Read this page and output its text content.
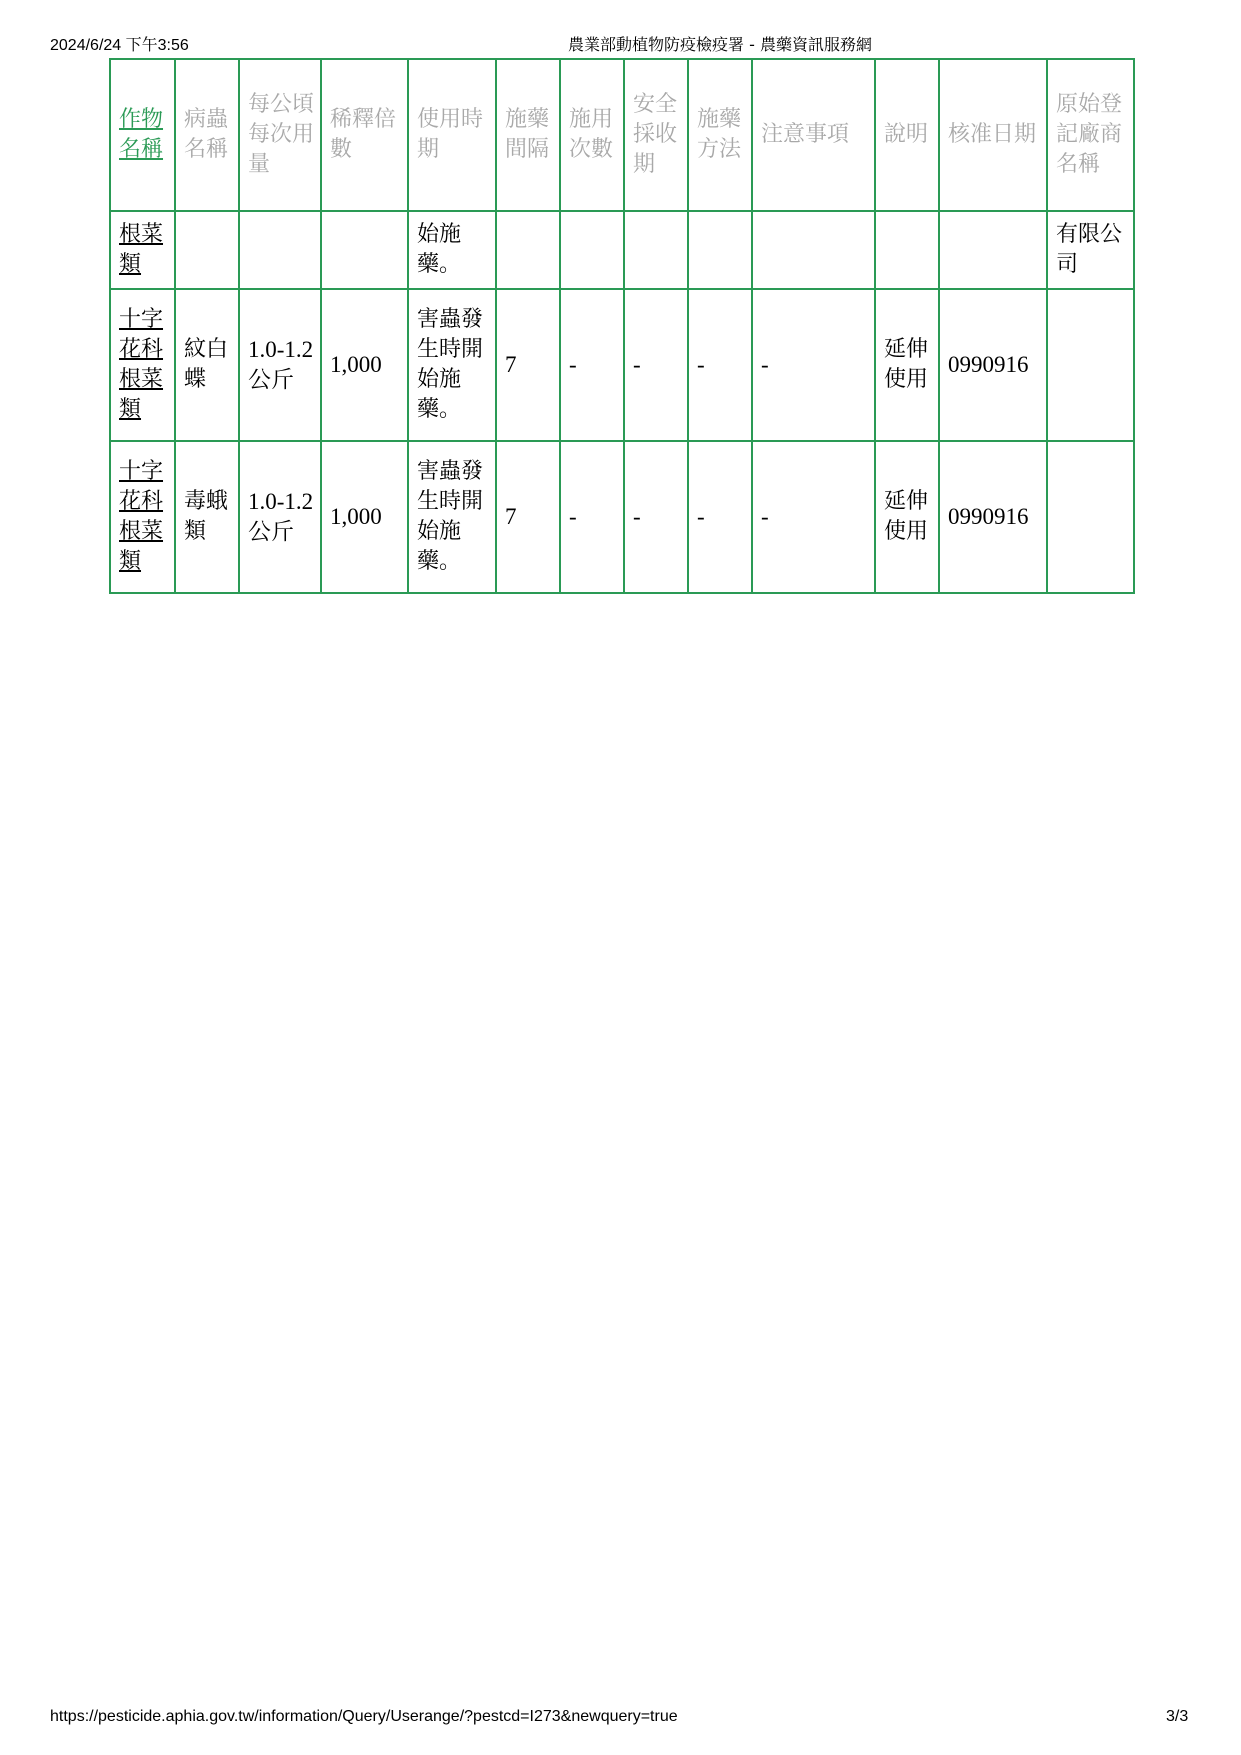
2024/6/24 下午3:56	農業部動植物防疫檢疫署 - 農藥資訊服務網
作物名稱	病蟲名稱	每公頃每次用量	稀釋倍數	使用時期	施藥間隔	施用次數	安全採收期	施藥方法	注意事項	說明	核准日期	原始登記廠商名稱
根菜類				始施藥。								有限公司
十字花科根菜類	紋白蝶	1.0-1.2公斤	1,000	害蟲發生時開始施藥。	7	-	-	-	-	延伸使用	0990916	
十字花科根菜類	毒蛾類	1.0-1.2公斤	1,000	害蟲發生時開始施藥。	7	-	-	-	-	延伸使用	0990916	
https://pesticide.aphia.gov.tw/information/Query/Userange/?pestcd=I273&newquery=true	3/3
